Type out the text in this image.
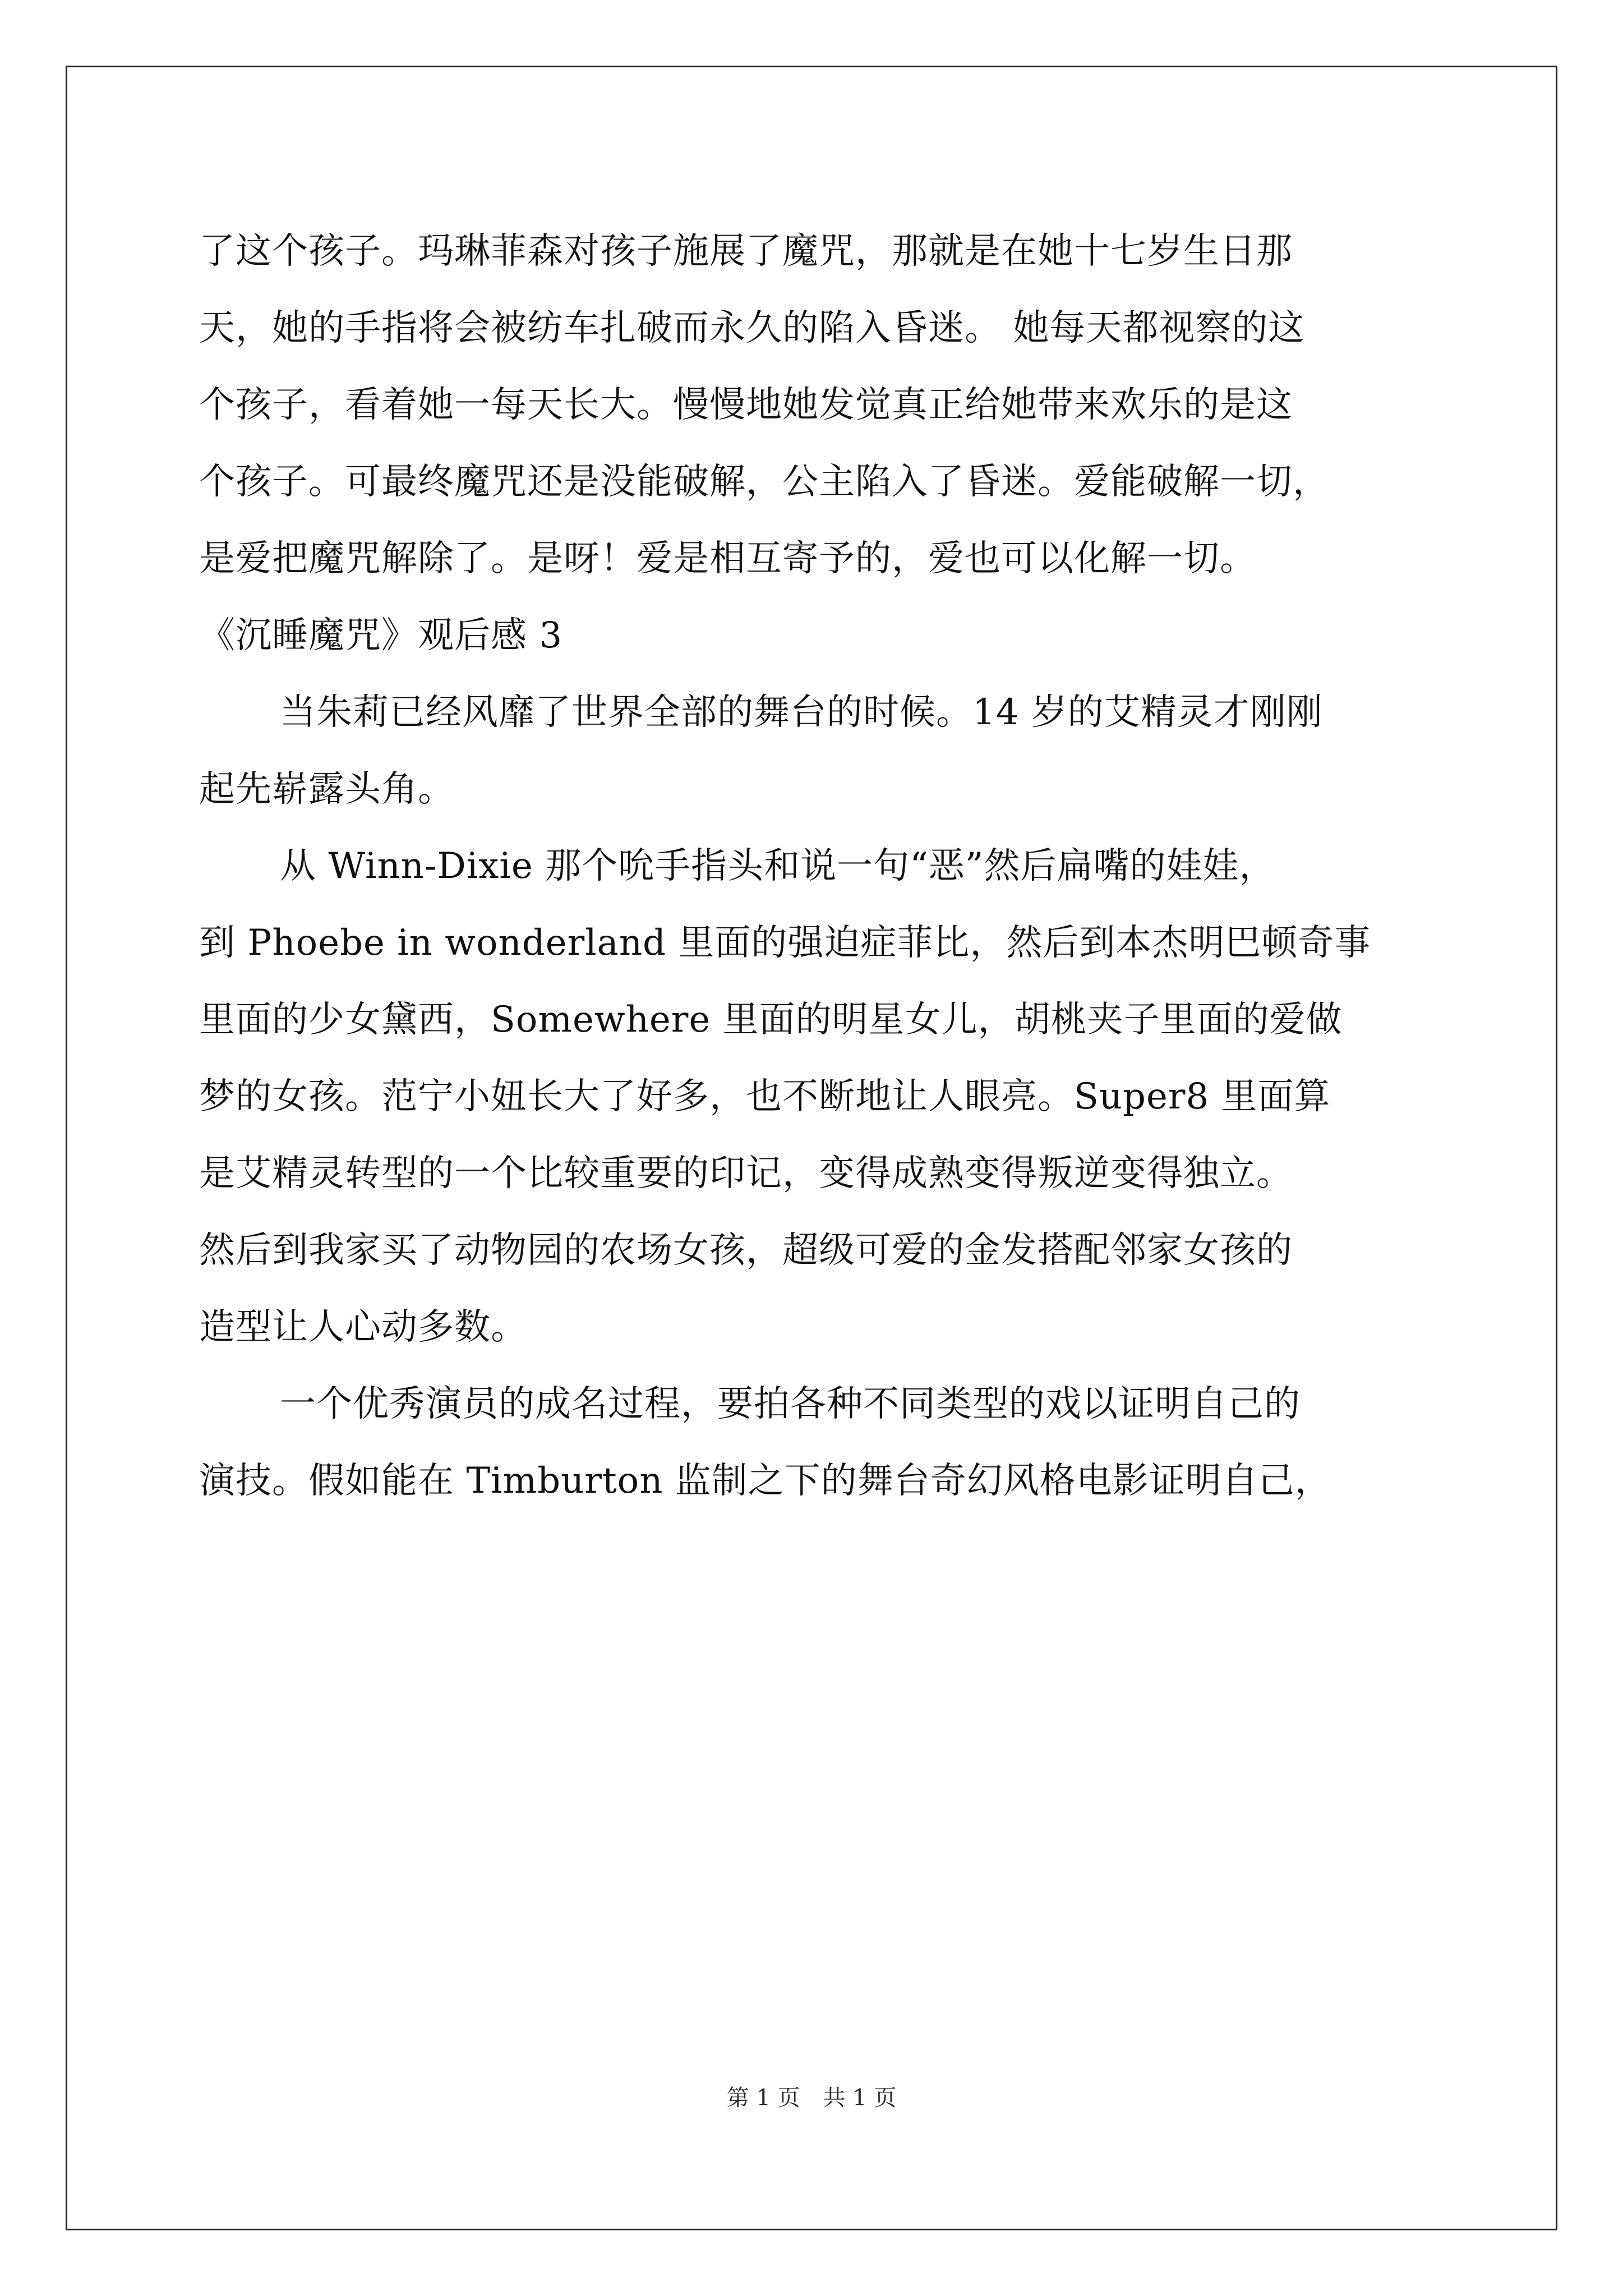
了这个孩子。玛琳菲森对孩子施展了魔咒，那就是在她十七岁生日那
天，她的手指将会被纺车扎破而永久的陷入昏迷。 她每天都视察的这
个孩子，看着她一每天长大。慢慢地她发觉真正给她带来欢乐的是这
个孩子。可最终魔咒还是没能破解，公主陷入了昏迷。爱能破解一切，
是爱把魔咒解除了。是呀！爱是相互寄予的，爱也可以化解一切。
《沉睡魔咒》观后感 3
当朱莉已经风靡了世界全部的舞台的时候。14 岁的艾精灵才刚刚
起先崭露头角。
从 Winn-Dixie 那个吮手指头和说一句“恶”然后扁嘴的娃娃，
到 Phoebe in wonderland 里面的强迫症菲比，然后到本杰明巴顿奇事
里面的少女黛西，Somewhere 里面的明星女儿，胡桃夹子里面的爱做
梦的女孩。范宁小妞长大了好多，也不断地让人眼亮。Super8 里面算
是艾精灵转型的一个比较重要的印记，变得成熟变得叛逆变得独立。
然后到我家买了动物园的农场女孩，超级可爱的金发搭配邻家女孩的
造型让人心动多数。
一个优秀演员的成名过程，要拍各种不同类型的戏以证明自己的
演技。假如能在 Timburton 监制之下的舞台奇幻风格电影证明自己，
第 1 页 共 1 页
